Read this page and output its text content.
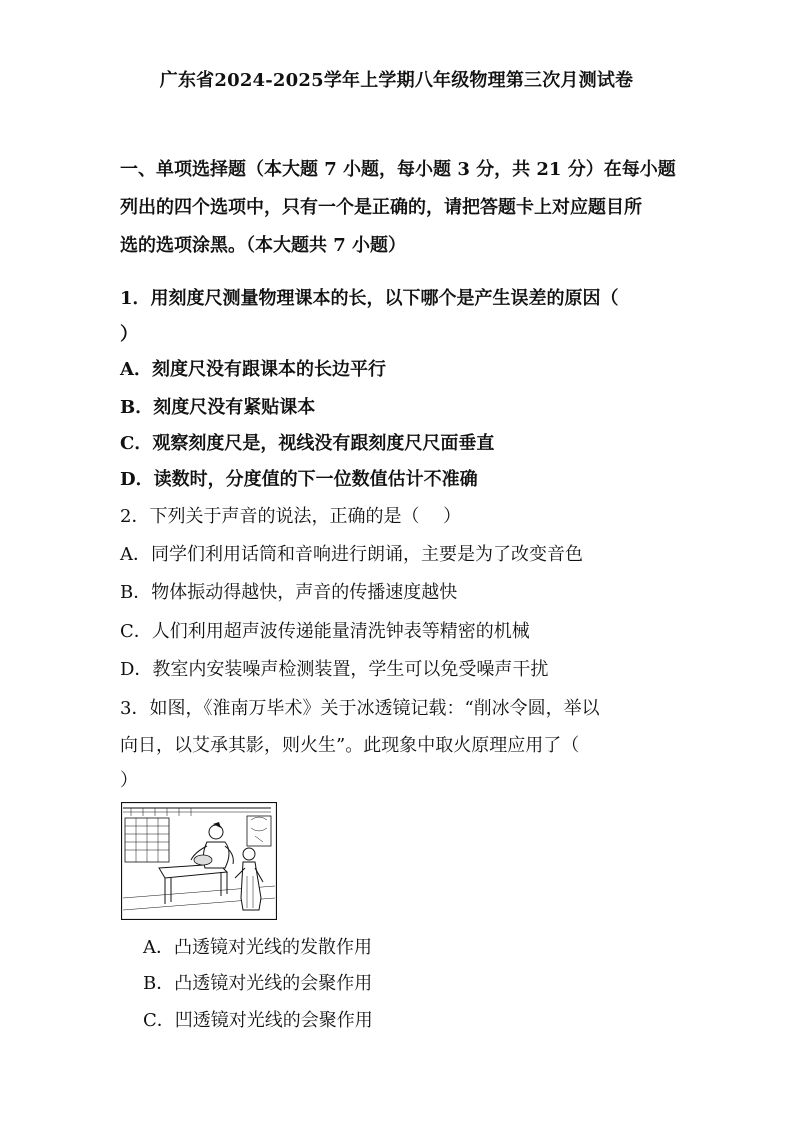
广东省2024-2025学年上学期八年级物理第三次月测试卷
一、单项选择题（本大题 7 小题，每小题 3 分，共 21 分）在每小题
列出的四个选项中，只有一个是正确的，请把答题卡上对应题目所
选的选项涂黑。（本大题共 7 小题）
1．用刻度尺测量物理课本的长，以下哪个是产生误差的原因（
）
A．刻度尺没有跟课本的长边平行
B．刻度尺没有紧贴课本
C．观察刻度尺是，视线没有跟刻度尺尺面垂直
D．读数时，分度值的下一位数值估计不准确
2．下列关于声音的说法，正确的是（　 ）
A．同学们利用话筒和音响进行朗诵，主要是为了改变音色
B．物体振动得越快，声音的传播速度越快
C．人们利用超声波传递能量清洗钟表等精密的机械
D．教室内安装噪声检测装置，学生可以免受噪声干扰
3．如图，《淮南万毕术》关于冰透镜记载：“削冰令圆，举以
向日，以艾承其影，则火生”。此现象中取火原理应用了（
）
A．凸透镜对光线的发散作用
B．凸透镜对光线的会聚作用
C．凹透镜对光线的会聚作用
